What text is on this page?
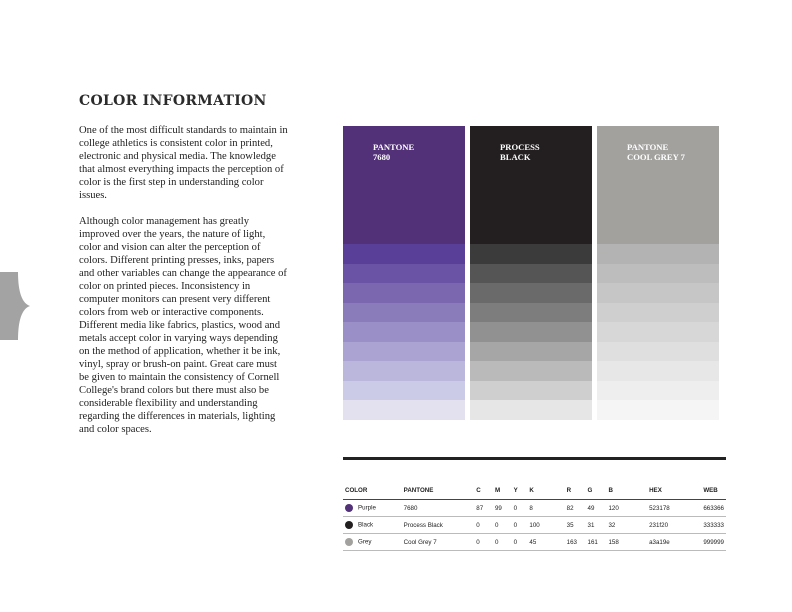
COLOR INFORMATION

One of the most difficult standards to maintain in college athletics is consistent color in printed, electronic and physical media. The knowledge that almost everything impacts the perception of color is the first step in understanding color issues.

Although color management has greatly improved over the years, the nature of light, color and vision can alter the perception of colors. Different printing presses, inks, papers and other variables can change the appearance of color on printed pieces. Inconsistency in computer monitors can present very different colors from web or interactive components. Different media like fabrics, plastics, wood and metals accept color in varying ways depending on the method of application, whether it be ink, vinyl, spray or brush-on paint. Great care must be given to maintain the consistency of Cornell College's brand colors but there must also be considerable flexibility and understanding regarding the differences in materials, lighting and color spaces.

PANTONE
7680
PROCESS
BLACK
PANTONE
COOL GREY 7
COLOR	PANTONE	C	M	Y	K	R	G	B	HEX	WEB
Purple	7680	87	99	0	8	82	49	120	523178	663366
Black	Process Black	0	0	0	100	35	31	32	231f20	333333
Grey	Cool Grey 7	0	0	0	45	163	161	158	a3a19e	999999
